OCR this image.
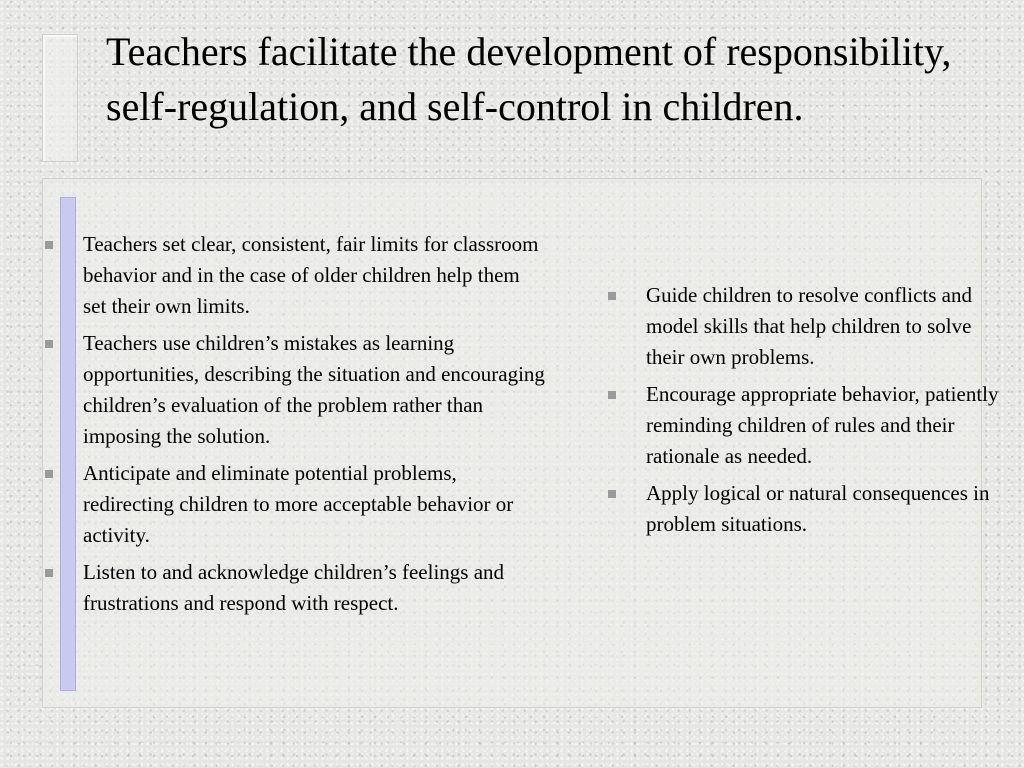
Teachers facilitate the development of responsibility, self-regulation, and self-control in children.
Teachers set clear, consistent, fair limits for classroom behavior and in the case of older children help them set their own limits.
Teachers use children’s mistakes as learning opportunities, describing the situation and encouraging children’s evaluation of the problem rather than imposing the solution.
Anticipate and eliminate potential problems, redirecting children to more acceptable behavior or activity.
Listen to and acknowledge children’s feelings and frustrations and respond with respect.
Guide children to resolve conflicts and model skills that help children to solve their own problems.
Encourage appropriate behavior, patiently reminding children of rules and their rationale as needed.
Apply logical or natural consequences in problem situations.
